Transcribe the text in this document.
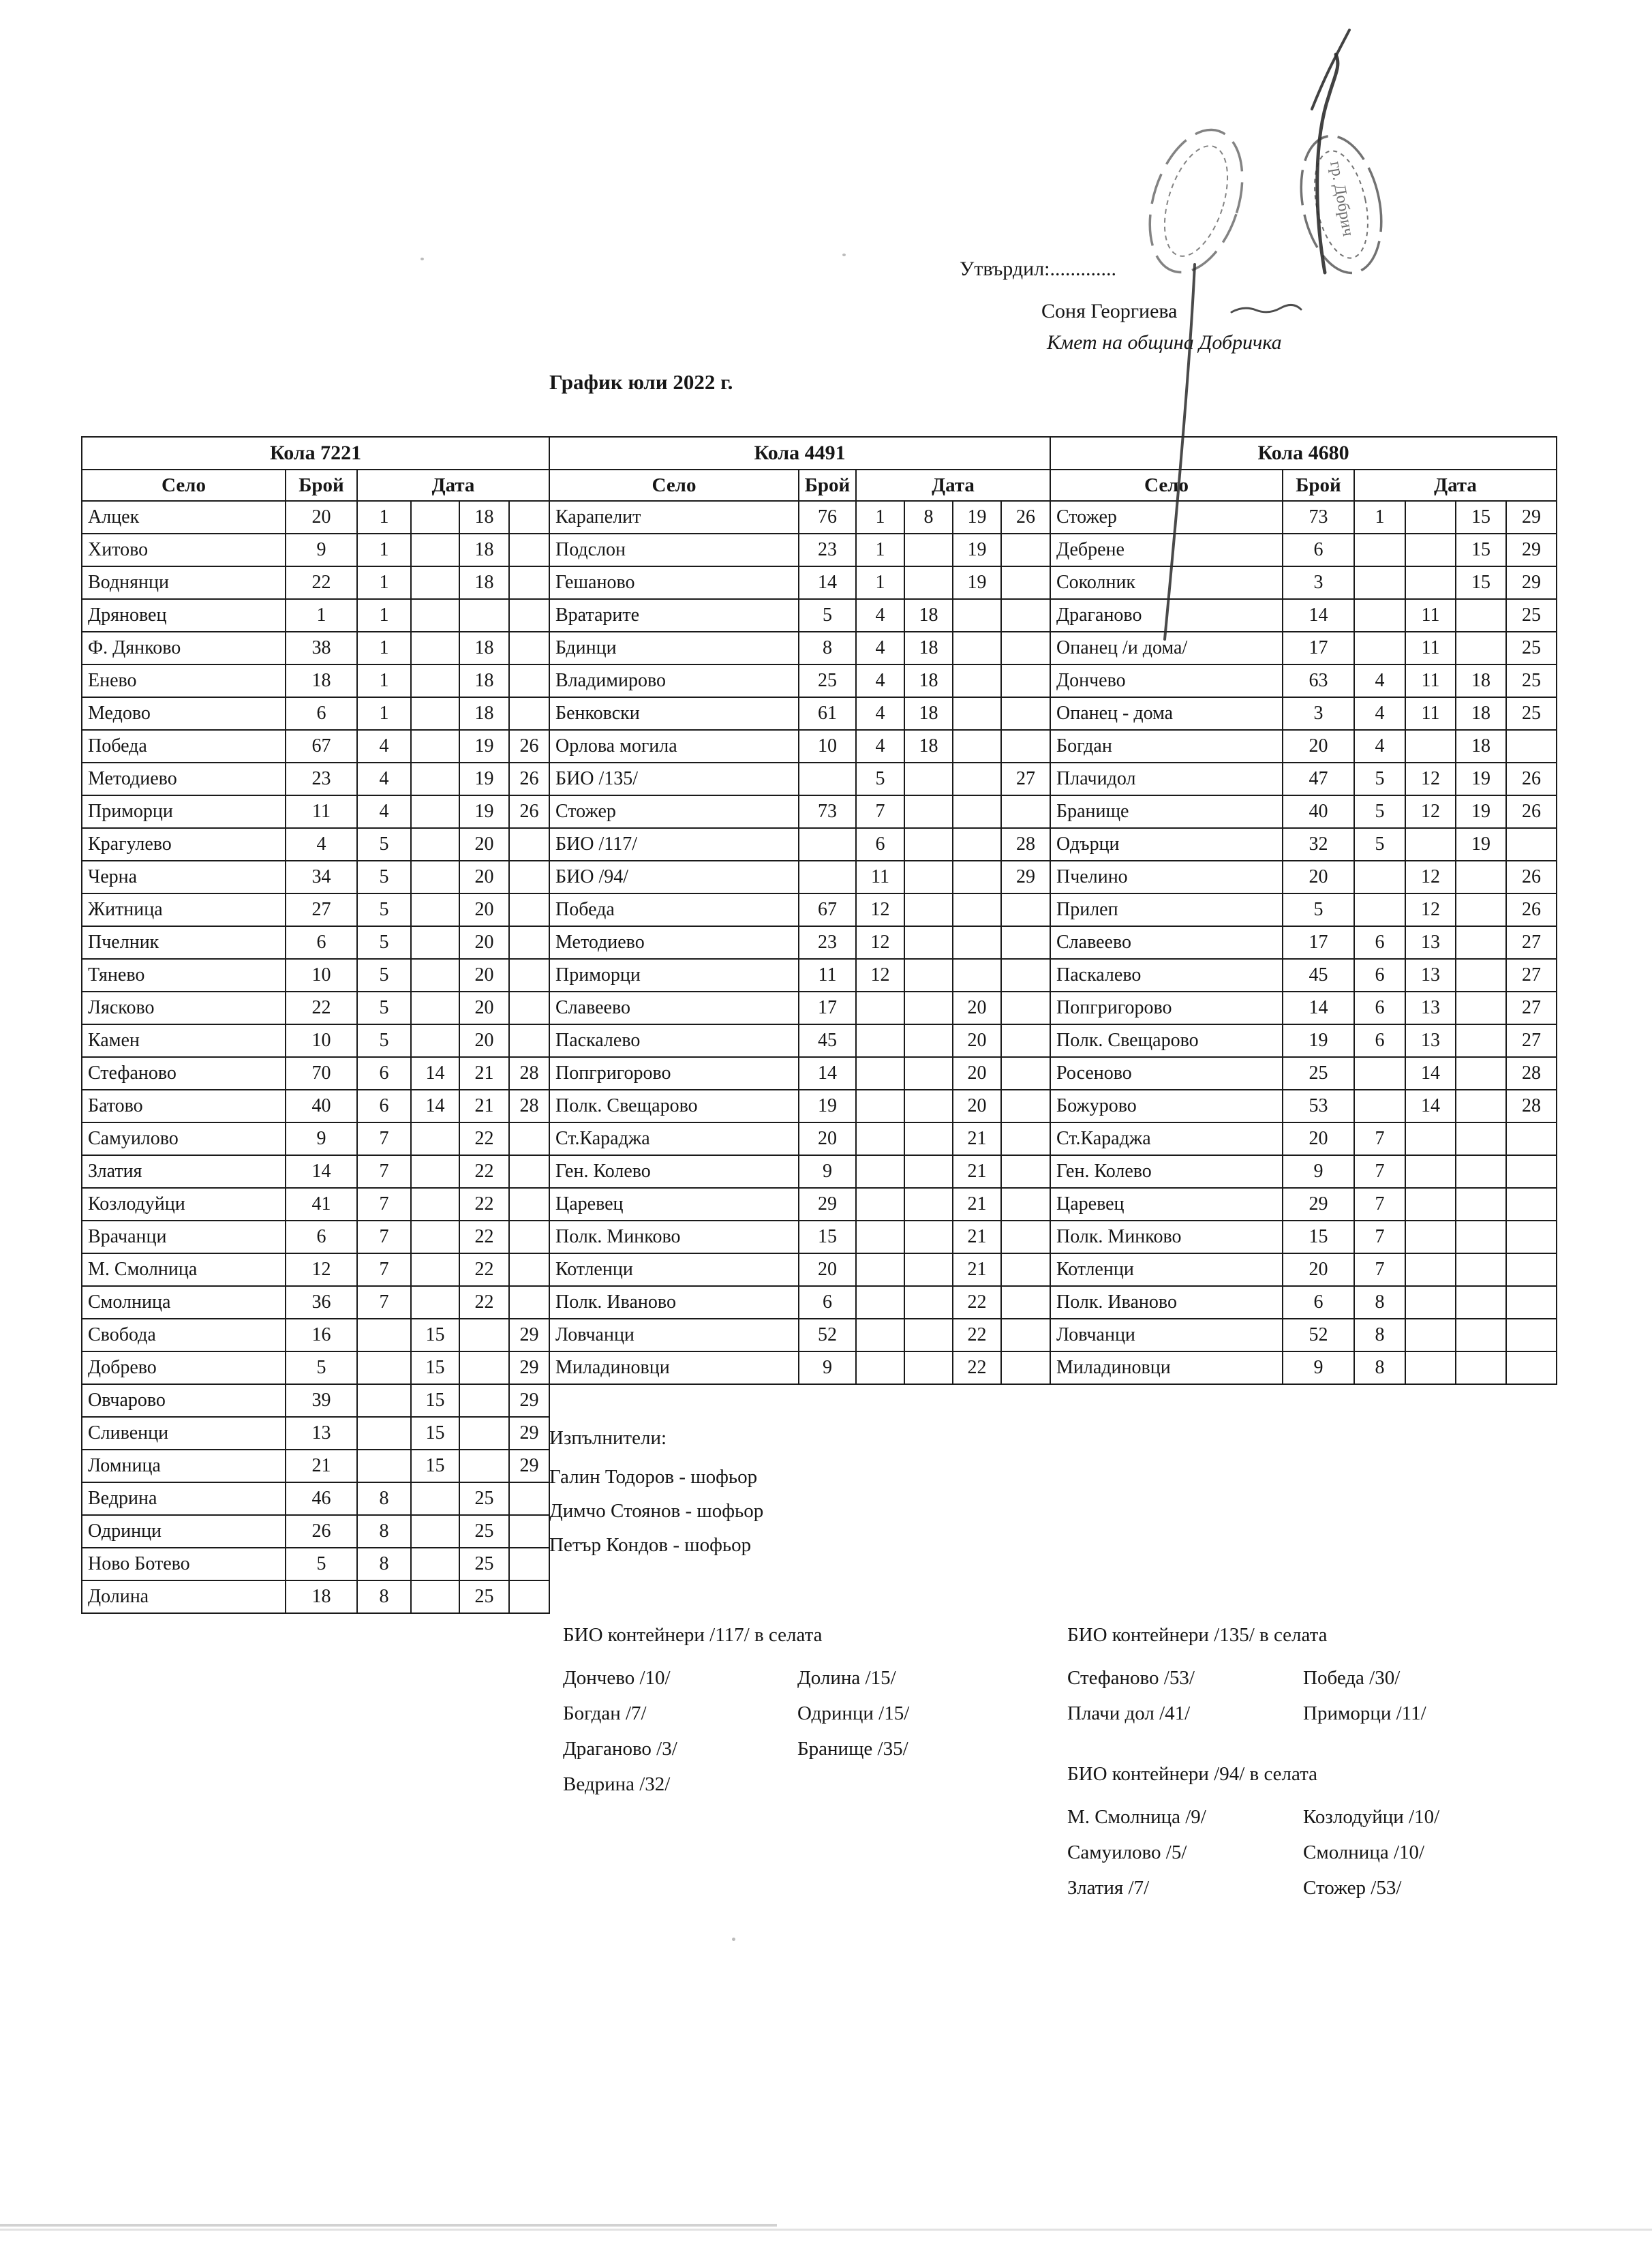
Утвърдил:.............
Соня Георгиева
Кмет на община Добричка
График юли 2022 г.
Кола 7221					
Село	Брой	Дата			
Алцек	20	1		18	
Хитово	9	1		18	
Воднянци	22	1		18	
Дряновец	1	1			
Ф. Дянково	38	1		18	
Енево	18	1		18	
Медово	6	1		18	
Победа	67	4		19	26
Методиево	23	4		19	26
Приморци	11	4		19	26
Крагулево	4	5		20	
Черна	34	5		20	
Житница	27	5		20	
Пчелник	6	5		20	
Тянево	10	5		20	
Лясково	22	5		20	
Камен	10	5		20	
Стефаново	70	6	14	21	28
Батово	40	6	14	21	28
Самуилово	9	7		22	
Златия	14	7		22	
Козлодуйци	41	7		22	
Врачанци	6	7		22	
М. Смолница	12	7		22	
Смолница	36	7		22	
Свобода	16		15		29
Добрево	5		15		29
Овчарово	39		15		29
Сливенци	13		15		29
Ломница	21		15		29
Ведрина	46	8		25	
Одринци	26	8		25	
Ново Ботево	5	8		25	
Долина	18	8		25	
Кола 4491					
Село	Брой	Дата			
Карапелит	76	1	8	19	26
Подслон	23	1		19	
Гешаново	14	1		19	
Вратарите	5	4	18		
Бдинци	8	4	18		
Владимирово	25	4	18		
Бенковски	61	4	18		
Орлова могила	10	4	18		
БИО /135/		5			27
Стожер	73	7			
БИО /117/		6			28
БИО /94/		11			29
Победа	67	12			
Методиево	23	12			
Приморци	11	12			
Славеево	17			20	
Паскалево	45			20	
Попгригорово	14			20	
Полк. Свещарово	19			20	
Ст.Караджа	20			21	
Ген. Колево	9			21	
Царевец	29			21	
Полк. Минково	15			21	
Котленци	20			21	
Полк. Иваново	6			22	
Ловчанци	52			22	
Миладиновци	9			22	
Кола 4680					
Село	Брой	Дата			
Стожер	73	1		15	29
Дебрене	6			15	29
Соколник	3			15	29
Драганово	14		11		25
Опанец /и дома/	17		11		25
Дончево	63	4	11	18	25
Опанец - дома	3	4	11	18	25
Богдан	20	4		18	
Плачидол	47	5	12	19	26
Бранище	40	5	12	19	26
Одърци	32	5		19	
Пчелино	20		12		26
Прилеп	5		12		26
Славеево	17	6	13		27
Паскалево	45	6	13		27
Попгригорово	14	6	13		27
Полк. Свещарово	19	6	13		27
Росеново	25		14		28
Божурово	53		14		28
Ст.Караджа	20	7			
Ген. Колево	9	7			
Царевец	29	7			
Полк. Минково	15	7			
Котленци	20	7			
Полк. Иваново	6	8			
Ловчанци	52	8			
Миладиновци	9	8			
Изпълнители:
Галин Тодоров - шофьор
Димчо Стоянов - шофьор
Петър Кондов - шофьор
БИО контейнери /117/ в селата
Дончево /10/
Богдан /7/
Драганово /3/
Ведрина /32/
Долина /15/
Одринци /15/
Бранище /35/
БИО контейнери /135/ в селата
Стефаново /53/
Плачи дол /41/
Победа /30/
Приморци /11/
БИО контейнери /94/ в селата
М. Смолница /9/
Самуилово /5/
Златия /7/
Козлодуйци /10/
Смолница /10/
Стожер /53/
гр. Добрич
